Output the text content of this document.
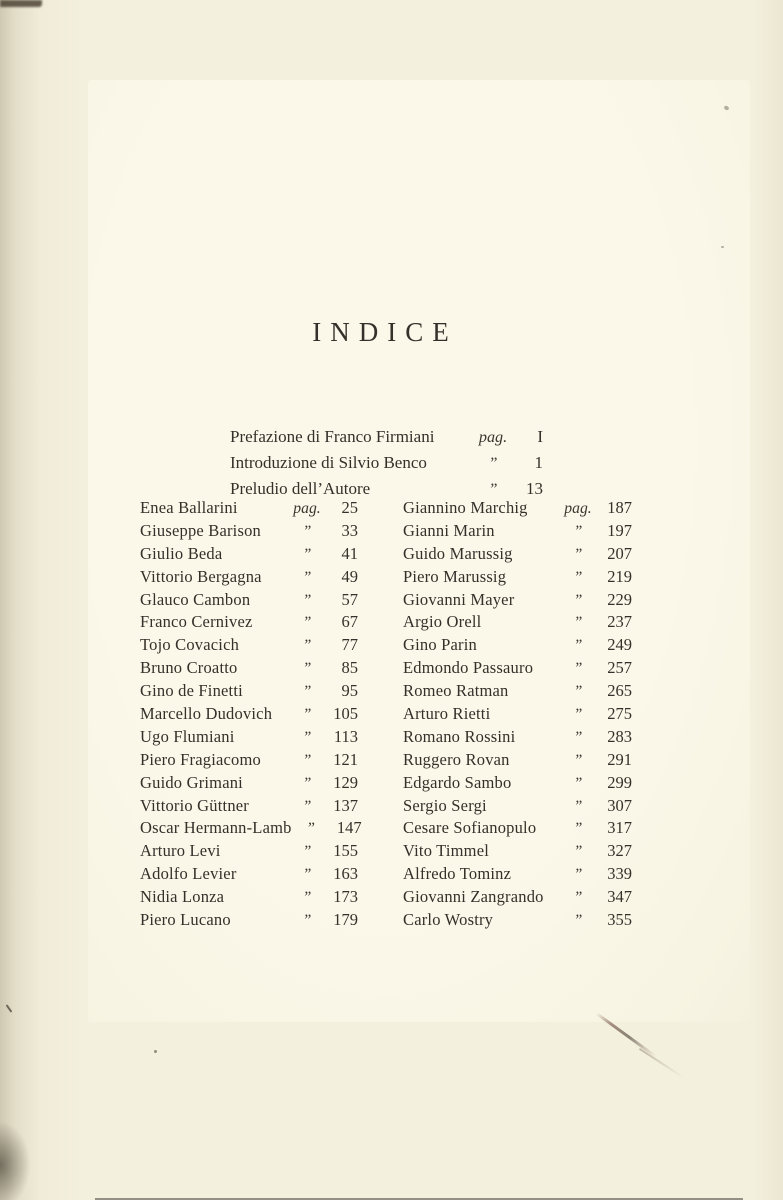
INDICE
Prefazione di Franco Firmiani	pag.	I
Introduzione di Silvio Benco	”	1
Preludio dell’Autore	”	13
Enea Ballarini	pag.	25
Giuseppe Barison	”	33
Giulio Beda	”	41
Vittorio Bergagna	”	49
Glauco Cambon	”	57
Franco Cernivez	”	67
Tojo Covacich	”	77
Bruno Croatto	”	85
Gino de Finetti	”	95
Marcello Dudovich	”	105
Ugo Flumiani	”	113
Piero Fragiacomo	”	121
Guido Grimani	”	129
Vittorio Güttner	”	137
Oscar Hermann-Lamb ”	147
Arturo Levi	”	155
Adolfo Levier	”	163
Nidia Lonza	”	173
Piero Lucano	”	179
Giannino Marchig	pag. 187
Gianni Marin	”	197
Guido Marussig	”	207
Piero Marussig	”	219
Giovanni Mayer	”	229
Argio Orell	”	237
Gino Parin	”	249
Edmondo Passauro	”	257
Romeo Ratman	”	265
Arturo Rietti	”	275
Romano Rossini	”	283
Ruggero Rovan	”	291
Edgardo Sambo	”	299
Sergio Sergi	”	307
Cesare Sofianopulo	”	317
Vito Timmel	”	327
Alfredo Tominz	”	339
Giovanni Zangrando	”	347
Carlo Wostry	”	355
